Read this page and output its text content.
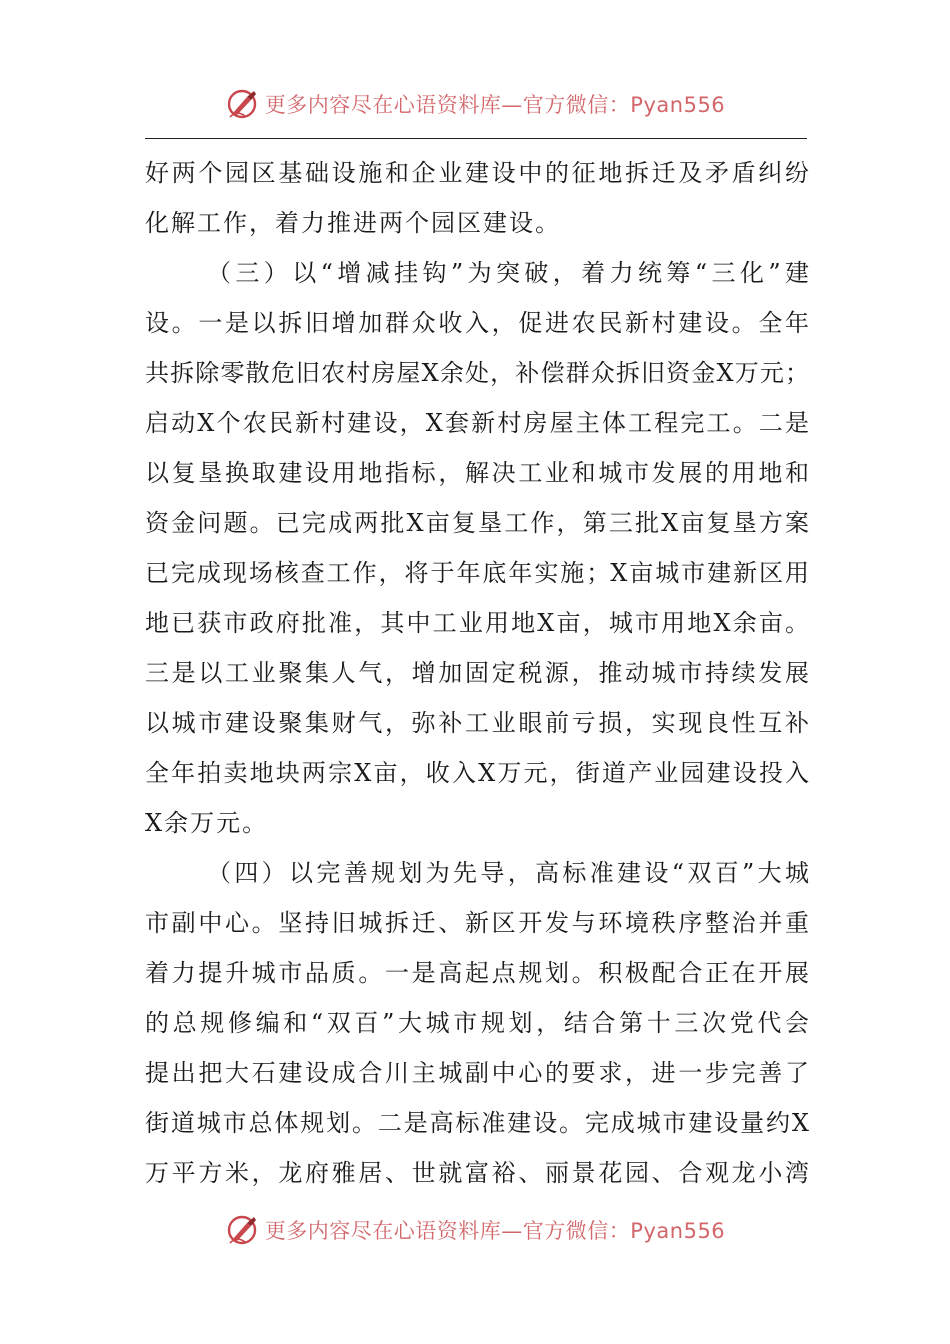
更多内容尽在心语资料库—官方微信：Pyan556
好两个园区基础设施和企业建设中的征地拆迁及矛盾纠纷
化解工作，着力推进两个园区建设。
（三）以“增减挂钩”为突破，着力统筹“三化”建
设。一是以拆旧增加群众收入，促进农民新村建设。全年
共拆除零散危旧农村房屋X余处，补偿群众拆旧资金X万元；
启动X个农民新村建设，X套新村房屋主体工程完工。二是
以复垦换取建设用地指标，解决工业和城市发展的用地和
资金问题。已完成两批X亩复垦工作，第三批X亩复垦方案
已完成现场核查工作，将于年底年实施；X亩城市建新区用
地已获市政府批准，其中工业用地X亩，城市用地X余亩。
三是以工业聚集人气，增加固定税源，推动城市持续发展
以城市建设聚集财气，弥补工业眼前亏损，实现良性互补
全年拍卖地块两宗X亩，收入X万元，街道产业园建设投入
X余万元。
（四）以完善规划为先导，高标准建设“双百”大城
市副中心。坚持旧城拆迁、新区开发与环境秩序整治并重
着力提升城市品质。一是高起点规划。积极配合正在开展
的总规修编和“双百”大城市规划，结合第十三次党代会
提出把大石建设成合川主城副中心的要求，进一步完善了
街道城市总体规划。二是高标准建设。完成城市建设量约X
万平方米，龙府雅居、世就富裕、丽景花园、合观龙小湾
更多内容尽在心语资料库—官方微信：Pyan556
